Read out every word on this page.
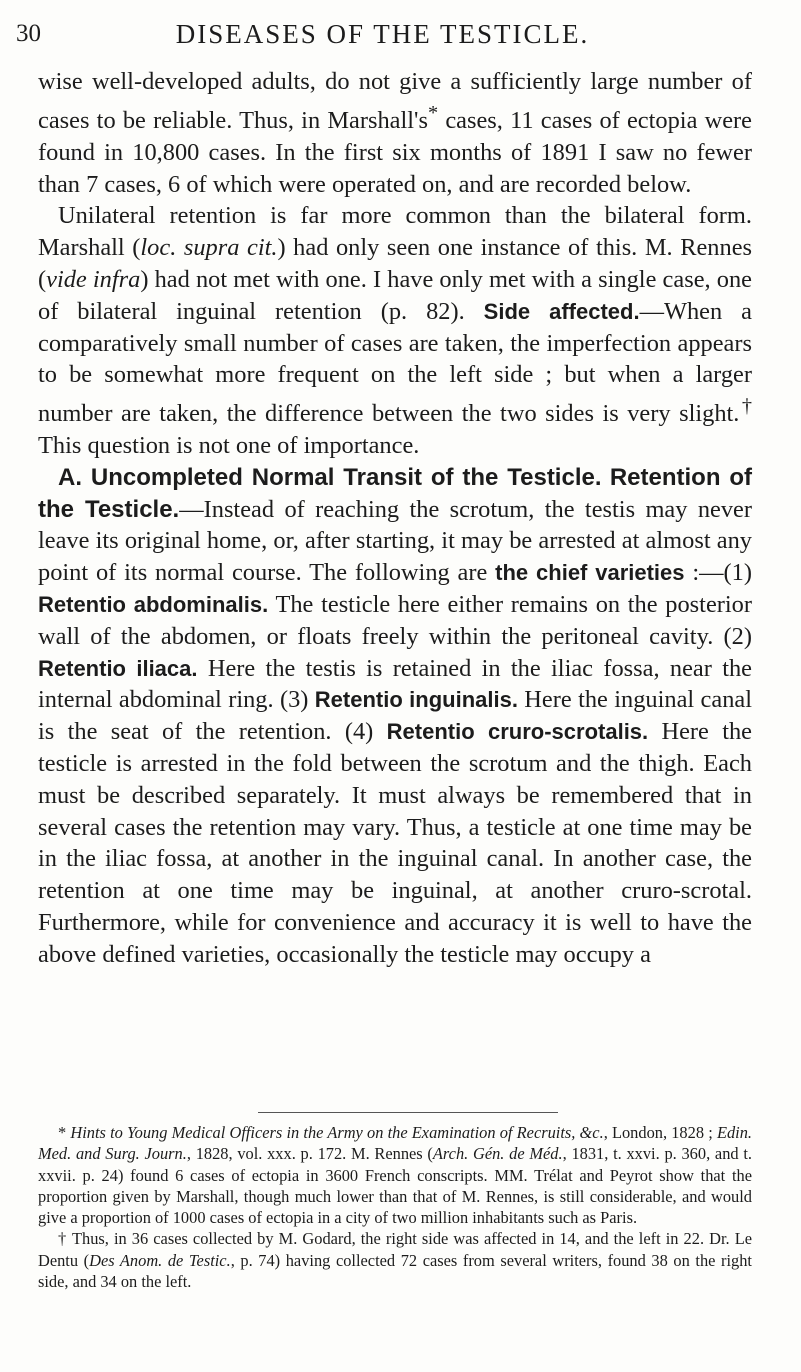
30	DISEASES OF THE TESTICLE.

wise well-developed adults, do not give a sufficiently large number of cases to be reliable. Thus, in Marshall's* cases, 11 cases of ectopia were found in 10,800 cases. In the first six months of 1891 I saw no fewer than 7 cases, 6 of which were operated on, and are recorded below.

Unilateral retention is far more common than the bilateral form. Marshall (loc. supra cit.) had only seen one instance of this. M. Rennes (vide infra) had not met with one. I have only met with a single case, one of bilateral inguinal retention (p. 82). Side affected.—When a comparatively small number of cases are taken, the imperfection appears to be somewhat more frequent on the left side ; but when a larger number are taken, the difference between the two sides is very slight.† This question is not one of importance.

A. Uncompleted Normal Transit of the Testicle. Retention of the Testicle.—Instead of reaching the scrotum, the testis may never leave its original home, or, after starting, it may be arrested at almost any point of its normal course. The following are the chief varieties :—(1) Retentio abdominalis. The testicle here either remains on the posterior wall of the abdomen, or floats freely within the peritoneal cavity. (2) Retentio iliaca. Here the testis is retained in the iliac fossa, near the internal abdominal ring. (3) Retentio inguinalis. Here the inguinal canal is the seat of the retention. (4) Retentio cruro-scrotalis. Here the testicle is arrested in the fold between the scrotum and the thigh. Each must be described separately. It must always be remembered that in several cases the retention may vary. Thus, a testicle at one time may be in the iliac fossa, at another in the inguinal canal. In another case, the retention at one time may be inguinal, at another cruro-scrotal. Furthermore, while for convenience and accuracy it is well to have the above defined varieties, occasionally the testicle may occupy a

* Hints to Young Medical Officers in the Army on the Examination of Recruits, &c., London, 1828 ; Edin. Med. and Surg. Journ., 1828, vol. xxx. p. 172. M. Rennes (Arch. Gén. de Méd., 1831, t. xxvi. p. 360, and t. xxvii. p. 24) found 6 cases of ectopia in 3600 French conscripts. MM. Trélat and Peyrot show that the proportion given by Marshall, though much lower than that of M. Rennes, is still considerable, and would give a proportion of 1000 cases of ectopia in a city of two million inhabitants such as Paris.

† Thus, in 36 cases collected by M. Godard, the right side was affected in 14, and the left in 22. Dr. Le Dentu (Des Anom. de Testic., p. 74) having collected 72 cases from several writers, found 38 on the right side, and 34 on the left.
